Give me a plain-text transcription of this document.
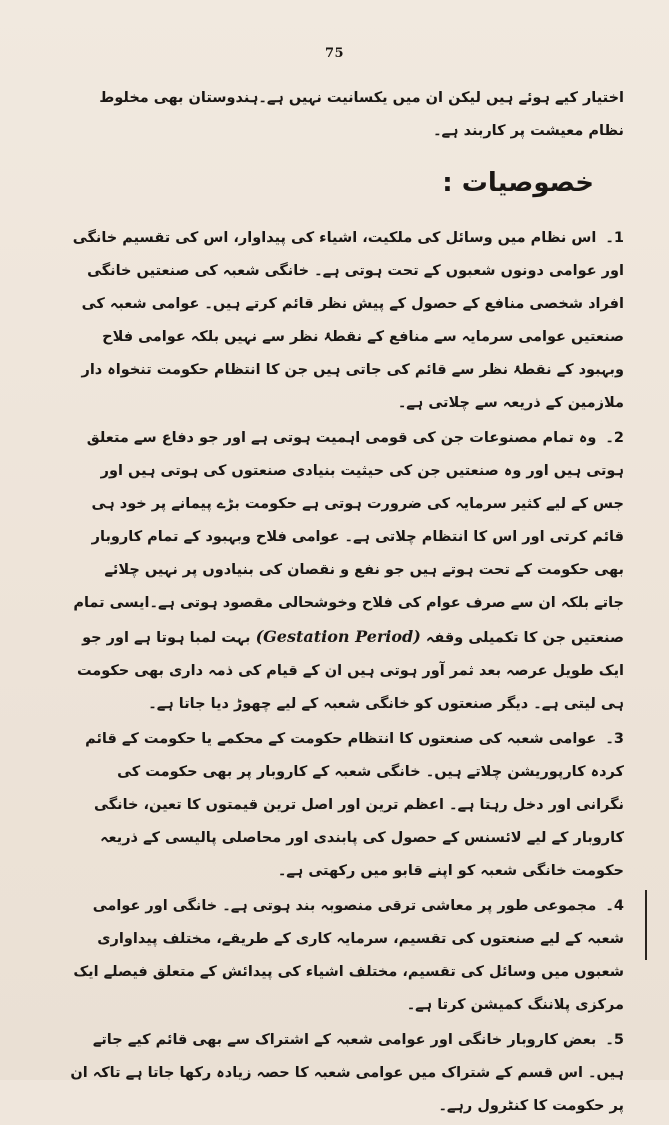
75
اختیار کیے ہوئے ہیں لیکن ان میں یکسانیت نہیں ہے۔ہندوستان بھی مخلوط نظام معیشت پر کاربند ہے۔
خصوصیات :

1۔ اس نظام میں وسائل کی ملکیت، اشیاء کی پیداوار، اس کی تقسیم خانگی اور عوامی دونوں شعبوں کے تحت ہوتی ہے۔ خانگی شعبہ کی صنعتیں خانگی افراد شخصی منافع کے حصول کے پیش نظر قائم کرتے ہیں۔ عوامی شعبہ کی صنعتیں عوامی سرمایہ سے منافع کے نقطۂ نظر سے نہیں بلکہ عوامی فلاح وبہبود کے نقطۂ نظر سے قائم کی جاتی ہیں جن کا انتظام حکومت تنخواہ دار ملازمین کے ذریعہ سے چلاتی ہے۔

2۔ وہ تمام مصنوعات جن کی قومی اہمیت ہوتی ہے اور جو دفاع سے متعلق ہوتی ہیں اور وہ صنعتیں جن کی حیثیت بنیادی صنعتوں کی ہوتی ہیں اور جس کے لیے کثیر سرمایہ کی ضرورت ہوتی ہے حکومت بڑے پیمانے پر خود ہی قائم کرتی اور اس کا انتظام چلاتی ہے۔ عوامی فلاح وبہبود کے تمام کاروبار بھی حکومت کے تحت ہوتے ہیں جو نفع و نقصان کی بنیادوں پر نہیں چلائے جاتے بلکہ ان سے صرف عوام کی فلاح وخوشحالی مقصود ہوتی ہے۔ایسی تمام صنعتیں جن کا تکمیلی وقفہ (Gestation Period) بہت لمبا ہوتا ہے اور جو ایک طویل عرصہ بعد ثمر آور ہوتی ہیں ان کے قیام کی ذمہ داری بھی حکومت ہی لیتی ہے۔ دیگر صنعتوں کو خانگی شعبہ کے لیے چھوڑ دیا جاتا ہے۔

3۔ عوامی شعبہ کی صنعتوں کا انتظام حکومت کے محکمے یا حکومت کے قائم کردہ کارپوریشن چلاتے ہیں۔ خانگی شعبہ کے کاروبار پر بھی حکومت کی نگرانی اور دخل رہتا ہے۔ اعظم ترین اور اصل ترین قیمتوں کا تعین، خانگی کاروبار کے لیے لائسنس کے حصول کی پابندی اور محاصلی پالیسی کے ذریعہ حکومت خانگی شعبہ کو اپنے قابو میں رکھتی ہے۔

4۔ مجموعی طور پر معاشی ترقی منصوبہ بند ہوتی ہے۔ خانگی اور عوامی شعبہ کے لیے صنعتوں کی تقسیم، سرمایہ کاری کے طریقے، مختلف پیداواری شعبوں میں وسائل کی تقسیم، مختلف اشیاء کی پیدائش کے متعلق فیصلے ایک مرکزی پلاننگ کمیشن کرتا ہے۔

5۔ بعض کاروبار خانگی اور عوامی شعبہ کے اشتراک سے بھی قائم کیے جاتے ہیں۔ اس قسم کے شتراک میں عوامی شعبہ کا حصہ زیادہ رکھا جاتا ہے تاکہ ان پر حکومت کا کنٹرول رہے۔
